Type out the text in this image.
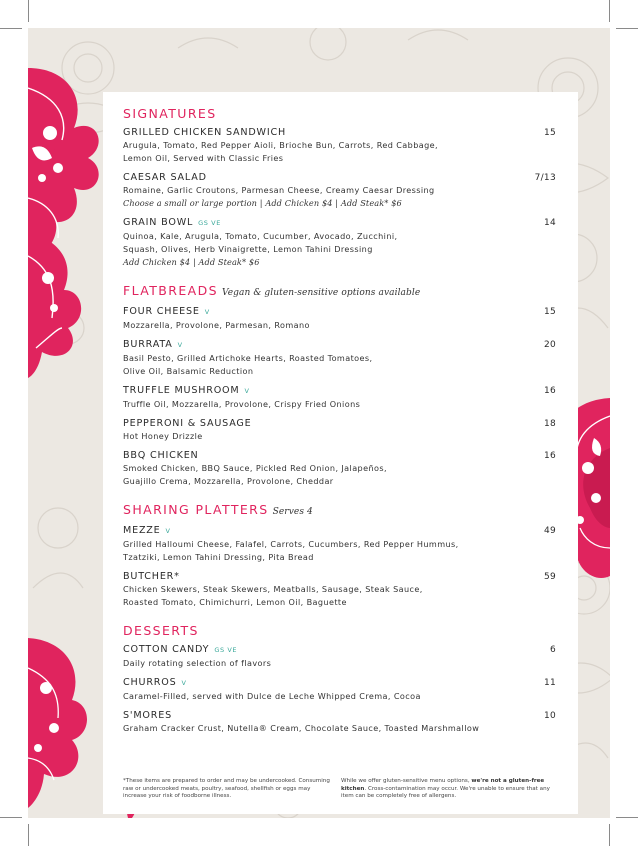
SIGNATURES
GRILLED CHICKEN SANDWICH	15
Arugula, Tomato, Red Pepper Aioli, Brioche Bun, Carrots, Red Cabbage,
Lemon Oil, Served with Classic Fries
CAESAR SALAD	7/13
Romaine, Garlic Croutons, Parmesan Cheese, Creamy Caesar Dressing
Choose a small or large portion | Add Chicken $4 | Add Steak* $6
GRAIN BOWL GS VE	14
Quinoa, Kale, Arugula, Tomato, Cucumber, Avocado, Zucchini,
Squash, Olives, Herb Vinaigrette, Lemon Tahini Dressing
Add Chicken $4 | Add Steak* $6
FLATBREADS Vegan & gluten-sensitive options available
FOUR CHEESE V	15
Mozzarella, Provolone, Parmesan, Romano
BURRATA V	20
Basil Pesto, Grilled Artichoke Hearts, Roasted Tomatoes,
Olive Oil, Balsamic Reduction
TRUFFLE MUSHROOM V	16
Truffle Oil, Mozzarella, Provolone, Crispy Fried Onions
PEPPERONI & SAUSAGE	18
Hot Honey Drizzle
BBQ CHICKEN	16
Smoked Chicken, BBQ Sauce, Pickled Red Onion, Jalapeños,
Guajillo Crema, Mozzarella, Provolone, Cheddar
SHARING PLATTERS Serves 4
MEZZE V	49
Grilled Halloumi Cheese, Falafel, Carrots, Cucumbers, Red Pepper Hummus,
Tzatziki, Lemon Tahini Dressing, Pita Bread
BUTCHER*	59
Chicken Skewers, Steak Skewers, Meatballs, Sausage, Steak Sauce,
Roasted Tomato, Chimichurri, Lemon Oil, Baguette
DESSERTS
COTTON CANDY GS VE	6
Daily rotating selection of flavors
CHURROS V	11
Caramel-Filled, served with Dulce de Leche Whipped Crema, Cocoa
S'MORES	10
Graham Cracker Crust, Nutella® Cream, Chocolate Sauce, Toasted Marshmallow
*These items are prepared to order and may be undercooked. Consuming raw or undercooked meats, poultry, seafood, shellfish or eggs may increase your risk of foodborne illness.
While we offer gluten-sensitive menu options, we're not a gluten-free kitchen. Cross-contamination may occur. We're unable to ensure that any item can be completely free of allergens.
